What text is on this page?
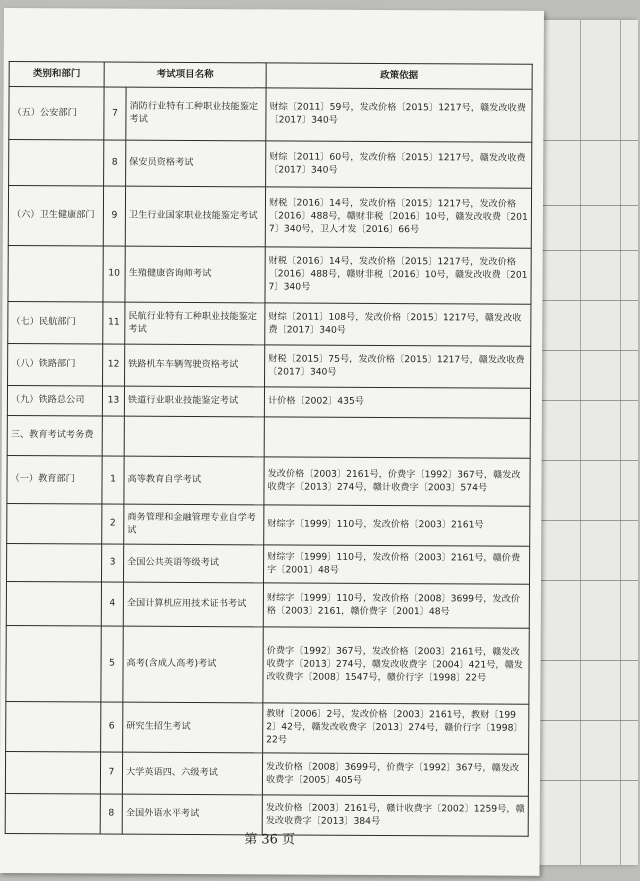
类别和部门	考试项目名称		政策依据
（五）公安部门	7	消防行业特有工种职业技能鉴定考试	财综〔2011〕59号，发改价格〔2015〕1217号，赣发改收费〔2017〕340号
	8	保安员资格考试	财综〔2011〕60号，发改价格〔2015〕1217号，赣发改收费〔2017〕340号
（六）卫生健康部门	9	卫生行业国家职业技能鉴定考试	财税〔2016〕14号，发改价格〔2015〕1217号，发改价格〔2016〕488号，赣财非税〔2016〕10号，赣发改收费〔2017〕340号，卫人才发〔2016〕66号
	10	生殖健康咨询师考试	财税〔2016〕14号，发改价格〔2015〕1217号，发改价格〔2016〕488号，赣财非税〔2016〕10号，赣发改收费〔2017〕340号
（七）民航部门	11	民航行业特有工种职业技能鉴定考试	财综〔2011〕108号，发改价格〔2015〕1217号，赣发改收费〔2017〕340号
（八）铁路部门	12	铁路机车车辆驾驶资格考试	财税〔2015〕75号，发改价格〔2015〕1217号，赣发改收费〔2017〕340号
（九）铁路总公司	13	铁道行业职业技能鉴定考试	计价格〔2002〕435号
三、教育考试考务费			
（一）教育部门	1	高等教育自学考试	发改价格〔2003〕2161号，价费字〔1992〕367号，赣发改收费字〔2013〕274号，赣计收费字〔2003〕574号
	2	商务管理和金融管理专业自学考试	财综字〔1999〕110号，发改价格〔2003〕2161号
	3	全国公共英语等级考试	财综字〔1999〕110号，发改价格〔2003〕2161号，赣价费字〔2001〕48号
	4	全国计算机应用技术证书考试	财综字〔1999〕110号，发改价格〔2008〕3699号，发改价格〔2003〕2161，赣价费字〔2001〕48号
	5	高考(含成人高考)考试	价费字〔1992〕367号，发改价格〔2003〕2161号，赣发改收费字〔2013〕274号，赣发改收费字〔2004〕421号，赣发改收费字〔2008〕1547号，赣价行字〔1998〕22号
	6	研究生招生考试	教财〔2006〕2号，发改价格〔2003〕2161号，教财〔1992〕42号，赣发改收费字〔2013〕274号，赣价行字〔1998〕22号
	7	大学英语四、六级考试	发改价格〔2008〕3699号，价费字〔1992〕367号，赣发改收费字〔2005〕405号
	8	全国外语水平考试	发改价格〔2003〕2161号，赣计收费字〔2002〕1259号，赣发改收费字〔2013〕384号
第 36 页
